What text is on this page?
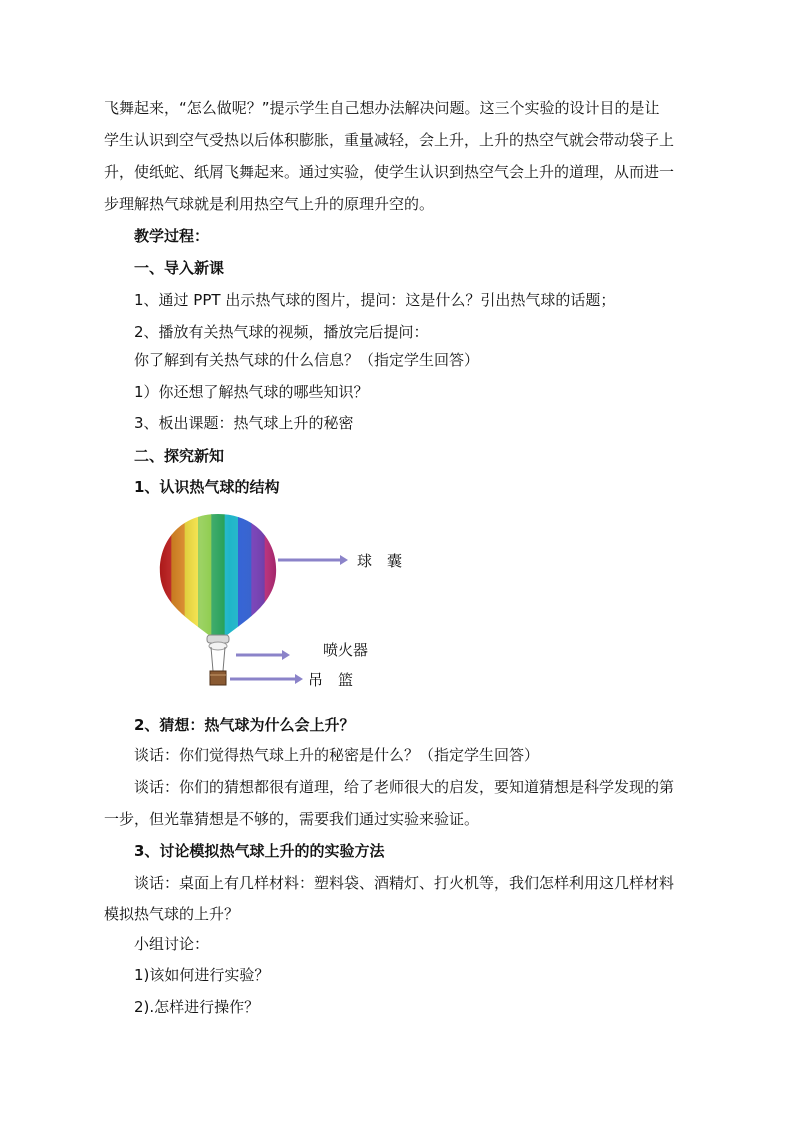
飞舞起来，“怎么做呢？”提示学生自己想办法解决问题。这三个实验的设计目的是让
学生认识到空气受热以后体积膨胀，重量减轻，会上升，上升的热空气就会带动袋子上
升，使纸蛇、纸屑飞舞起来。通过实验，使学生认识到热空气会上升的道理，从而进一
步理解热气球就是利用热空气上升的原理升空的。
教学过程：
一、导入新课
1、通过 PPT 出示热气球的图片，提问：这是什么？引出热气球的话题；
2、播放有关热气球的视频，播放完后提问：
你了解到有关热气球的什么信息？（指定学生回答）
1）你还想了解热气球的哪些知识？
3、板出课题：热气球上升的秘密
二、探究新知
1、认识热气球的结构
球　囊
喷火器
吊　篮
2、猜想：热气球为什么会上升？
谈话：你们觉得热气球上升的秘密是什么？（指定学生回答）
谈话：你们的猜想都很有道理，给了老师很大的启发，要知道猜想是科学发现的第
一步，但光靠猜想是不够的，需要我们通过实验来验证。
3、讨论模拟热气球上升的的实验方法
谈话：桌面上有几样材料：塑料袋、酒精灯、打火机等，我们怎样利用这几样材料
模拟热气球的上升？
小组讨论：
1)该如何进行实验？
2).怎样进行操作？
